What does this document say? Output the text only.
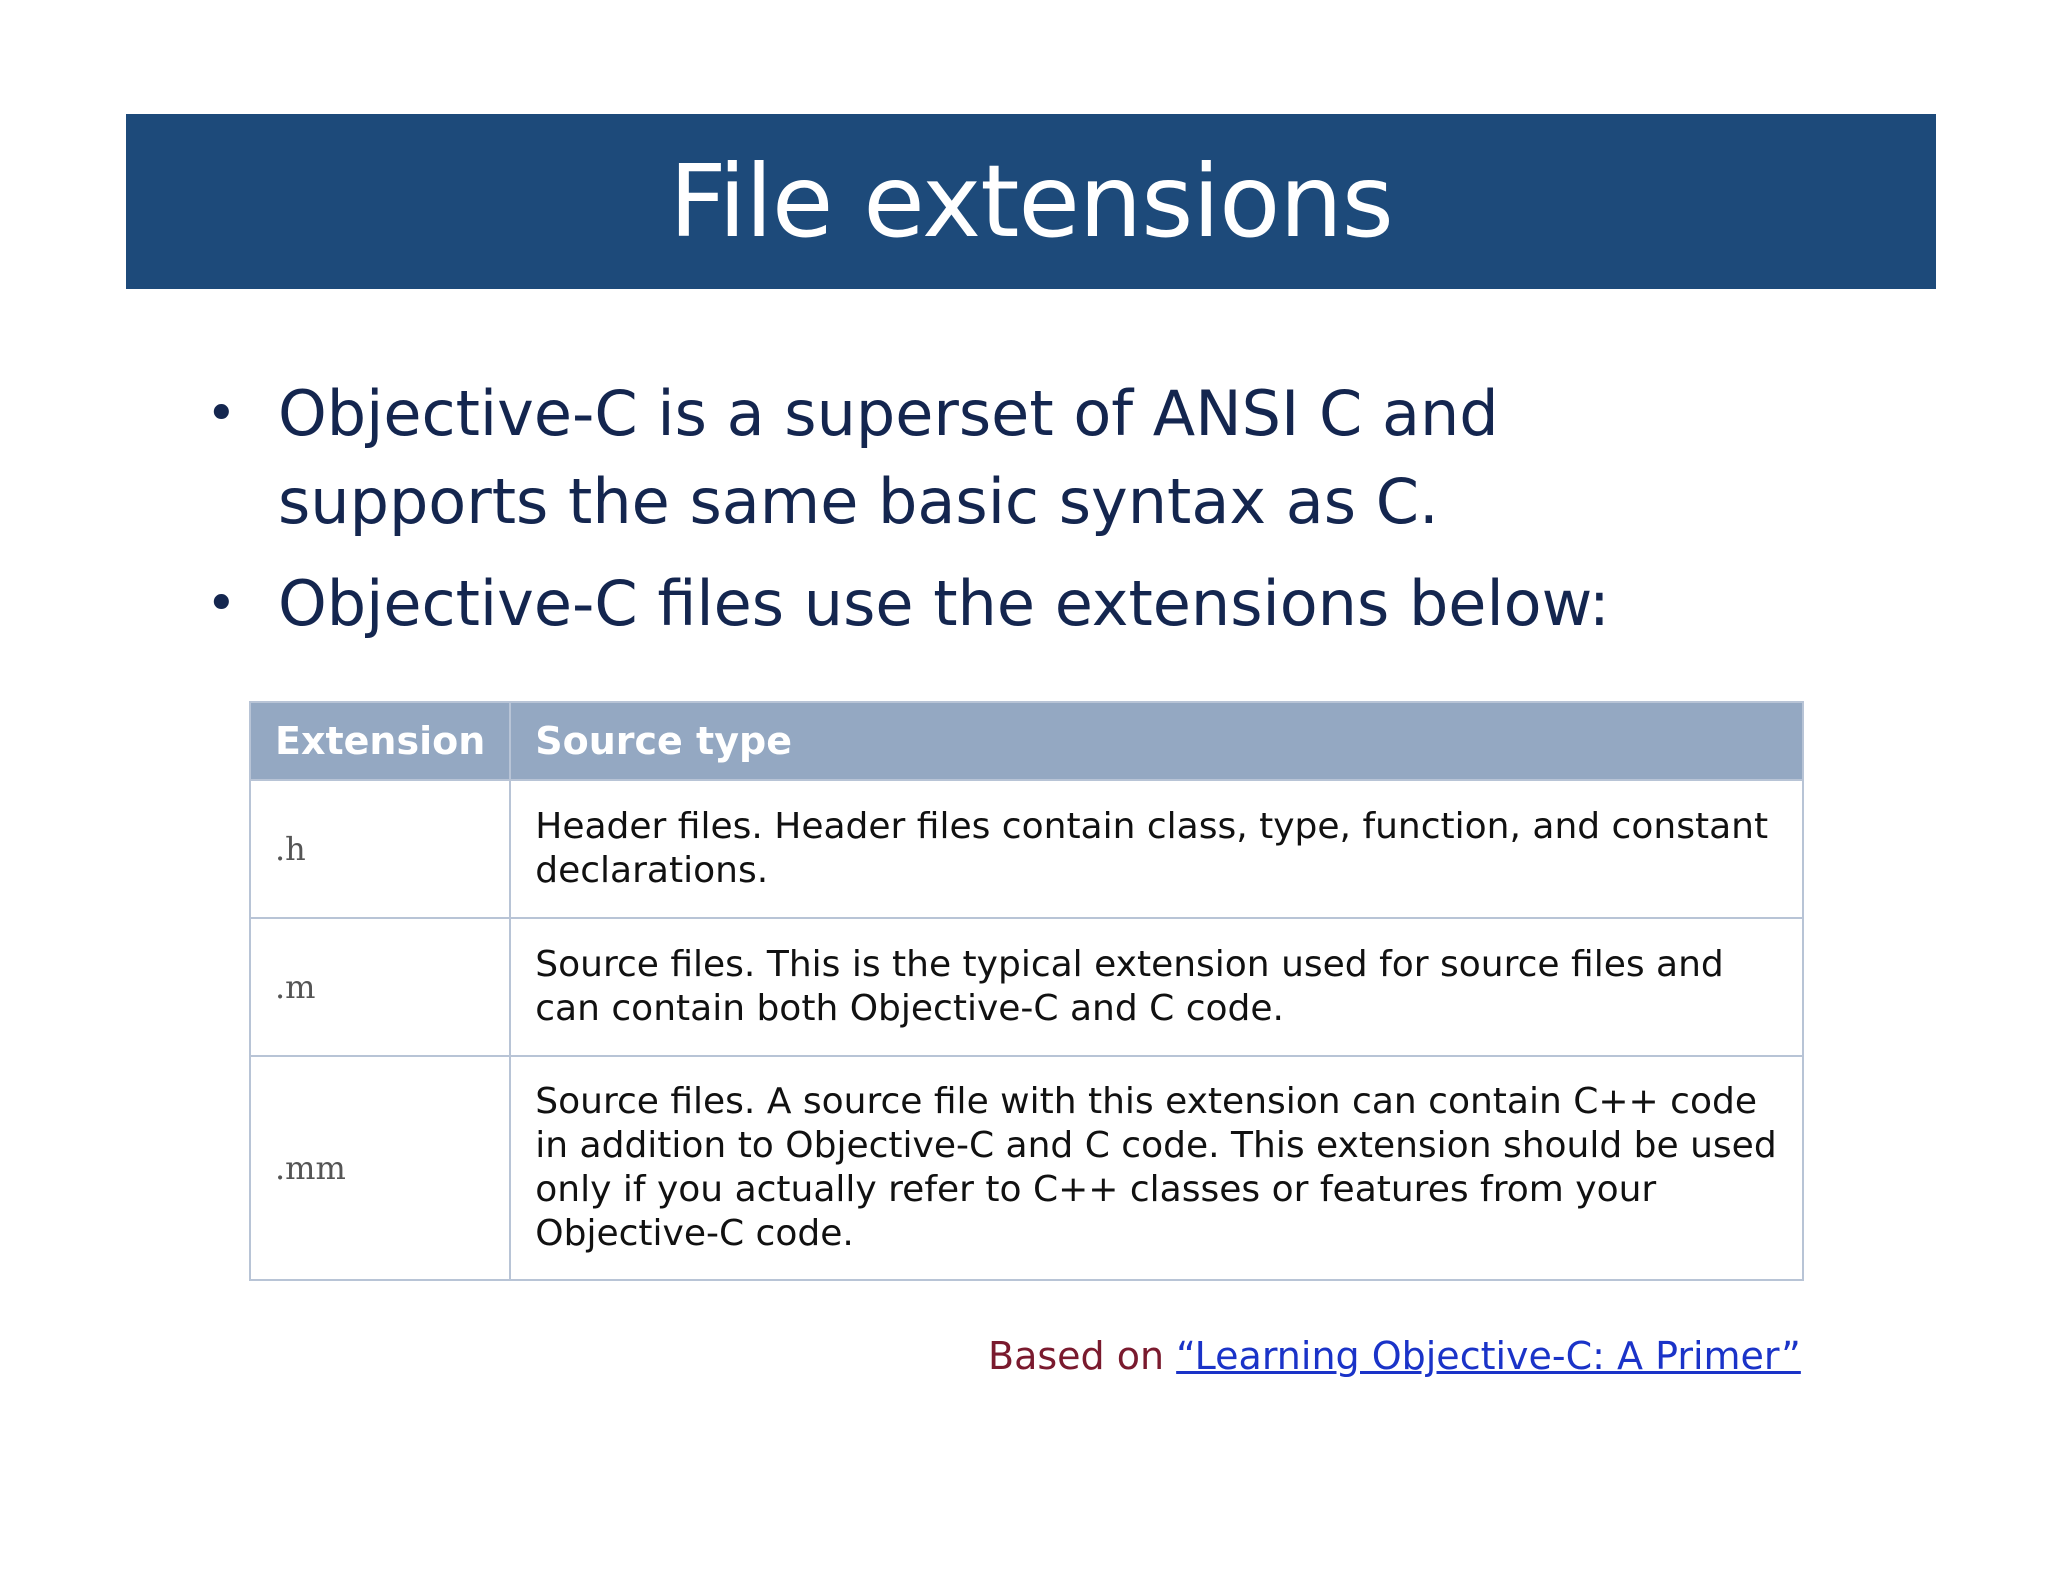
File extensions
• Objective-C is a superset of ANSI C and supports the same basic syntax as C.
• Objective-C files use the extensions below:
Extension	Source type
.h	Header files. Header files contain class, type, function, and constant declarations.
.m	Source files. This is the typical extension used for source files and can contain both Objective-C and C code.
.mm	Source files. A source file with this extension can contain C++ code in addition to Objective-C and C code. This extension should be used only if you actually refer to C++ classes or features from your Objective-C code.
Based on “Learning Objective-C: A Primer”
